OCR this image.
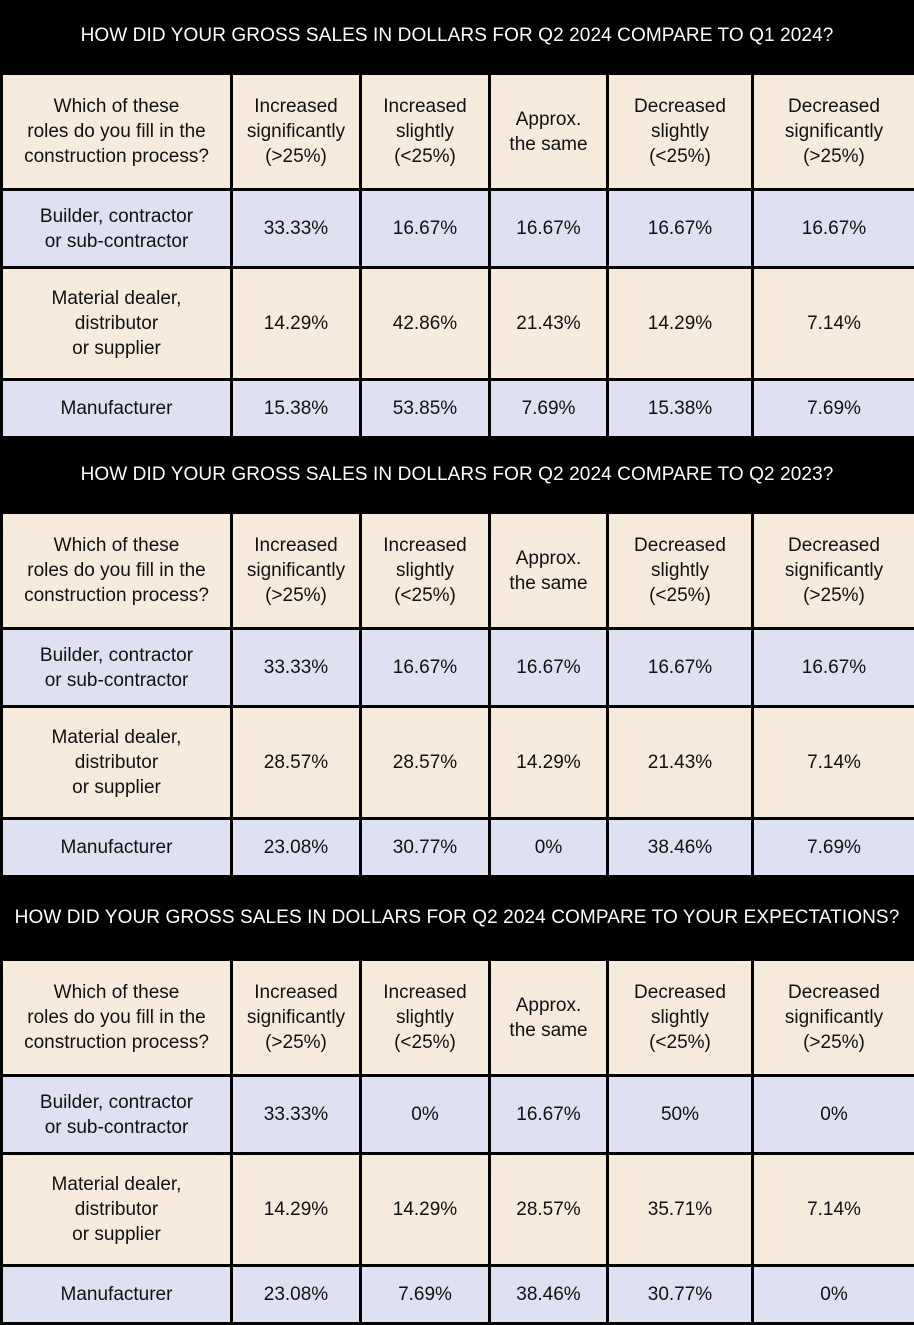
HOW DID YOUR GROSS SALES IN DOLLARS FOR Q2 2024 COMPARE TO Q1 2024?
Which of these
roles do you fill in the
construction process?	Increased
significantly
(>25%)	Increased
slightly
(<25%)	Approx.
the same	Decreased
slightly
(<25%)	Decreased
significantly
(>25%)
Builder, contractor
or sub-contractor	33.33%	16.67%	16.67%	16.67%	16.67%
Material dealer,
distributor
or supplier	14.29%	42.86%	21.43%	14.29%	7.14%
Manufacturer	15.38%	53.85%	7.69%	15.38%	7.69%
HOW DID YOUR GROSS SALES IN DOLLARS FOR Q2 2024 COMPARE TO Q2 2023?
Which of these
roles do you fill in the
construction process?	Increased
significantly
(>25%)	Increased
slightly
(<25%)	Approx.
the same	Decreased
slightly
(<25%)	Decreased
significantly
(>25%)
Builder, contractor
or sub-contractor	33.33%	16.67%	16.67%	16.67%	16.67%
Material dealer,
distributor
or supplier	28.57%	28.57%	14.29%	21.43%	7.14%
Manufacturer	23.08%	30.77%	0%	38.46%	7.69%
HOW DID YOUR GROSS SALES IN DOLLARS FOR Q2 2024 COMPARE TO YOUR EXPECTATIONS?
Which of these
roles do you fill in the
construction process?	Increased
significantly
(>25%)	Increased
slightly
(<25%)	Approx.
the same	Decreased
slightly
(<25%)	Decreased
significantly
(>25%)
Builder, contractor
or sub-contractor	33.33%	0%	16.67%	50%	0%
Material dealer,
distributor
or supplier	14.29%	14.29%	28.57%	35.71%	7.14%
Manufacturer	23.08%	7.69%	38.46%	30.77%	0%
